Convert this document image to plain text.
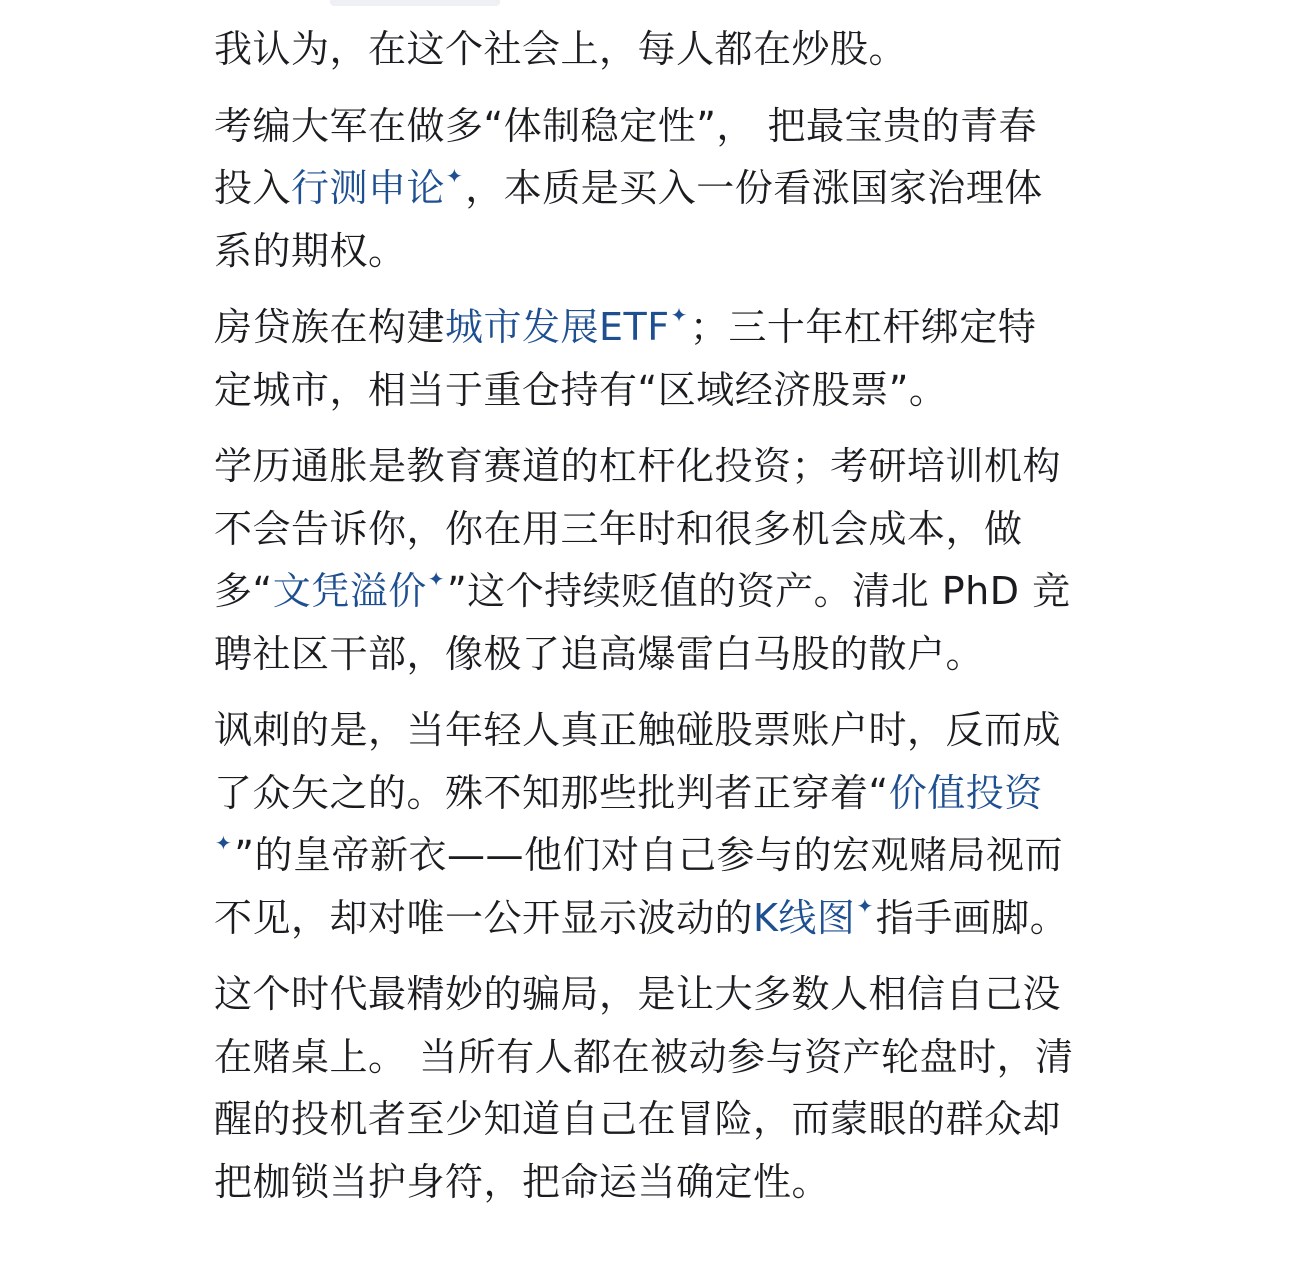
我认为，在这个社会上，每人都在炒股。

考编大军在做多“体制稳定性”， 把最宝贵的青春投入行测申论✦，本质是买入一份看涨国家治理体系的期权。

房贷族在构建城市发展ETF✦；三十年杠杆绑定特定城市，相当于重仓持有“区域经济股票”。

学历通胀是教育赛道的杠杆化投资；考研培训机构不会告诉你，你在用三年时和很多机会成本，做多“文凭溢价✦”这个持续贬值的资产。清北 PhD 竞聘社区干部，像极了追高爆雷白马股的散户。

讽刺的是，当年轻人真正触碰股票账户时，反而成了众矢之的。殊不知那些批判者正穿着“价值投资✦”的皇帝新衣——他们对自己参与的宏观赌局视而不见，却对唯一公开显示波动的K线图✦指手画脚。

这个时代最精妙的骗局，是让大多数人相信自己没在赌桌上。 当所有人都在被动参与资产轮盘时，清醒的投机者至少知道自己在冒险，而蒙眼的群众却把枷锁当护身符，把命运当确定性。
